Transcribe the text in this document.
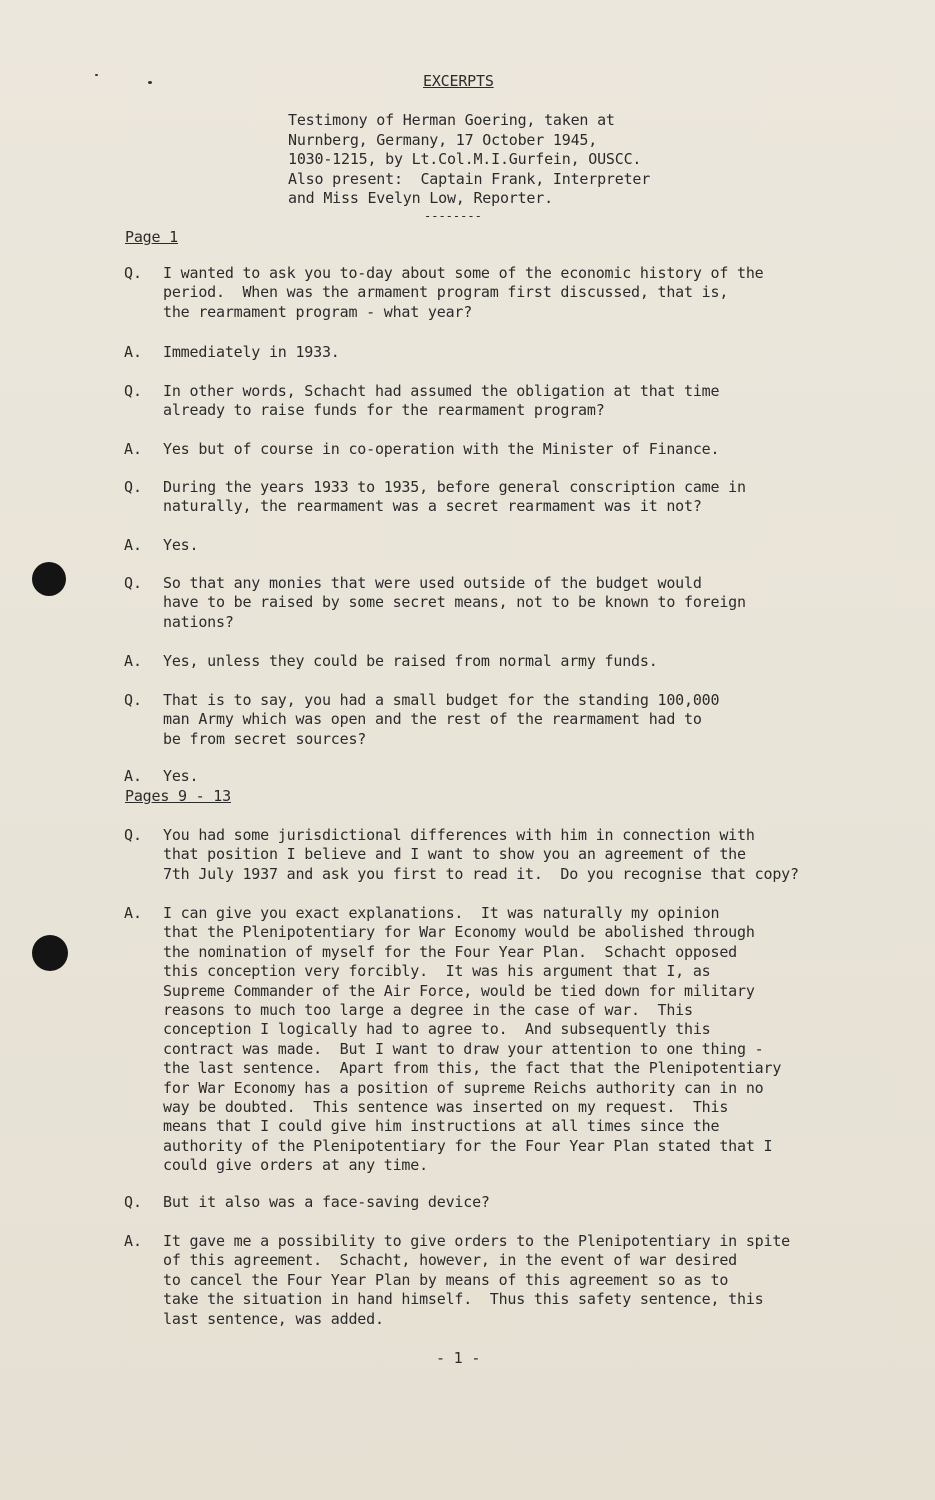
EXCERPTS
Testimony of Herman Goering, taken at
Nurnberg, Germany, 17 October 1945,
1030-1215, by Lt.Col.M.I.Gurfein, OUSCC.
Also present:  Captain Frank, Interpreter
and Miss Evelyn Low, Reporter.
--------
Page 1
Q. I wanted to ask you to-day about some of the economic history of the
period.  When was the armament program first discussed, that is,
the rearmament program - what year?
A. Immediately in 1933.
Q. In other words, Schacht had assumed the obligation at that time
already to raise funds for the rearmament program?
A. Yes but of course in co-operation with the Minister of Finance.
Q. During the years 1933 to 1935, before general conscription came in
naturally, the rearmament was a secret rearmament was it not?
A. Yes.
Q. So that any monies that were used outside of the budget would
have to be raised by some secret means, not to be known to foreign
nations?
A. Yes, unless they could be raised from normal army funds.
Q. That is to say, you had a small budget for the standing 100,000
man Army which was open and the rest of the rearmament had to
be from secret sources?
A. Yes.
Pages 9 - 13
Q. You had some jurisdictional differences with him in connection with
that position I believe and I want to show you an agreement of the
7th July 1937 and ask you first to read it.  Do you recognise that copy?
A. I can give you exact explanations.  It was naturally my opinion
that the Plenipotentiary for War Economy would be abolished through
the nomination of myself for the Four Year Plan.  Schacht opposed
this conception very forcibly.  It was his argument that I, as
Supreme Commander of the Air Force, would be tied down for military
reasons to much too large a degree in the case of war.  This
conception I logically had to agree to.  And subsequently this
contract was made.  But I want to draw your attention to one thing -
the last sentence.  Apart from this, the fact that the Plenipotentiary
for War Economy has a position of supreme Reichs authority can in no
way be doubted.  This sentence was inserted on my request.  This
means that I could give him instructions at all times since the
authority of the Plenipotentiary for the Four Year Plan stated that I
could give orders at any time.
Q. But it also was a face-saving device?
A. It gave me a possibility to give orders to the Plenipotentiary in spite
of this agreement.  Schacht, however, in the event of war desired
to cancel the Four Year Plan by means of this agreement so as to
take the situation in hand himself.  Thus this safety sentence, this
last sentence, was added.
- 1 -
